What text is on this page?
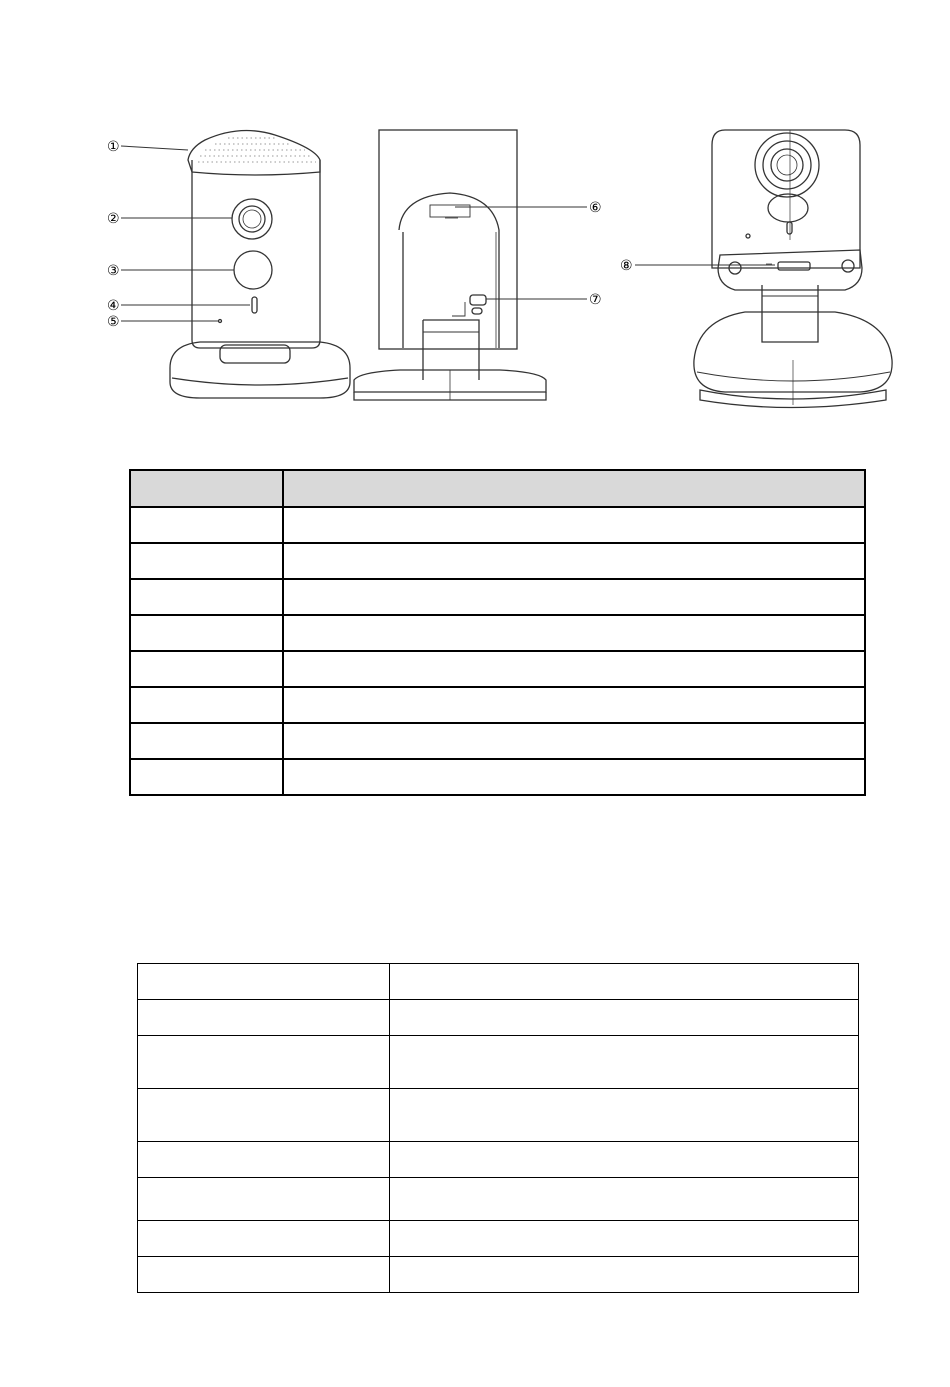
①
②
③
④
⑤
⑥
⑦
⑧
